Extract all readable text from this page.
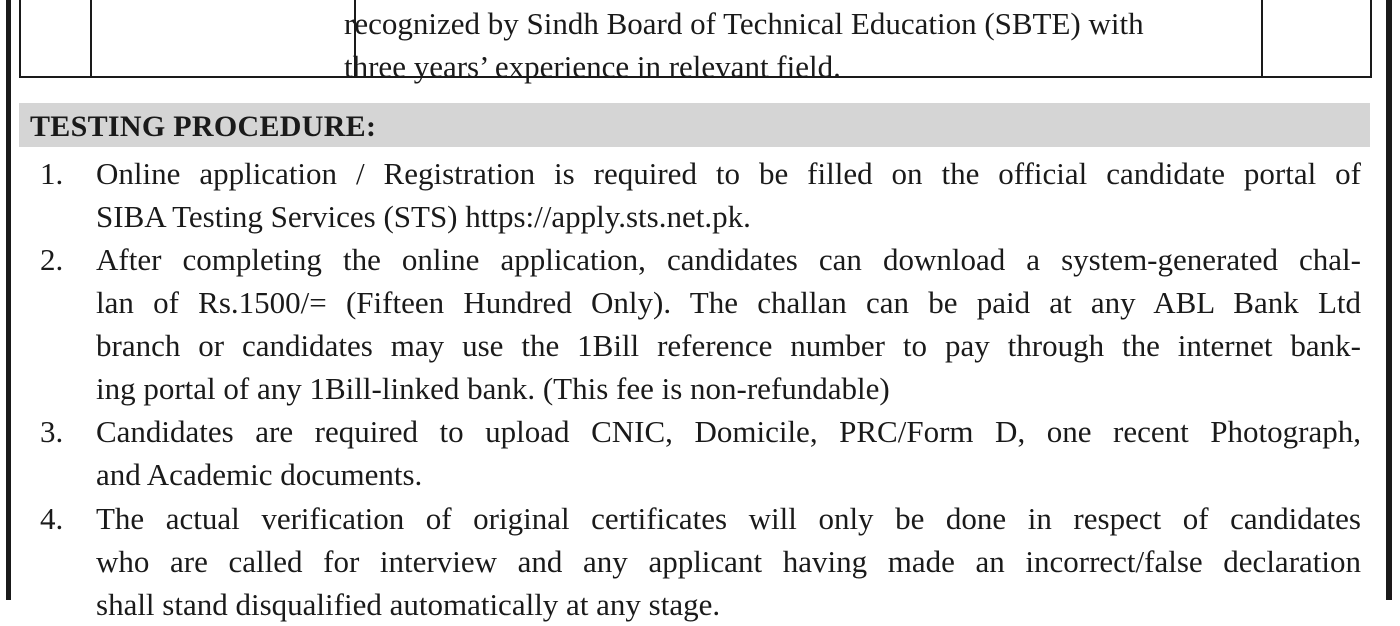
recognized by Sindh Board of Technical Education (SBTE) with
three years’ experience in relevant field.
TESTING PROCEDURE:
1. Online application / Registration is required to be filled on the official candidate portal of
SIBA Testing Services (STS) https://apply.sts.net.pk.
2. After completing the online application, candidates can download a system-generated chal-
lan of Rs.1500/= (Fifteen Hundred Only). The challan can be paid at any ABL Bank Ltd
branch or candidates may use the 1Bill reference number to pay through the internet bank-
ing portal of any 1Bill-linked bank. (This fee is non-refundable)
3. Candidates are required to upload CNIC, Domicile, PRC/Form D, one recent Photograph,
and Academic documents.
4. The actual verification of original certificates will only be done in respect of candidates
who are called for interview and any applicant having made an incorrect/false declaration
shall stand disqualified automatically at any stage.
